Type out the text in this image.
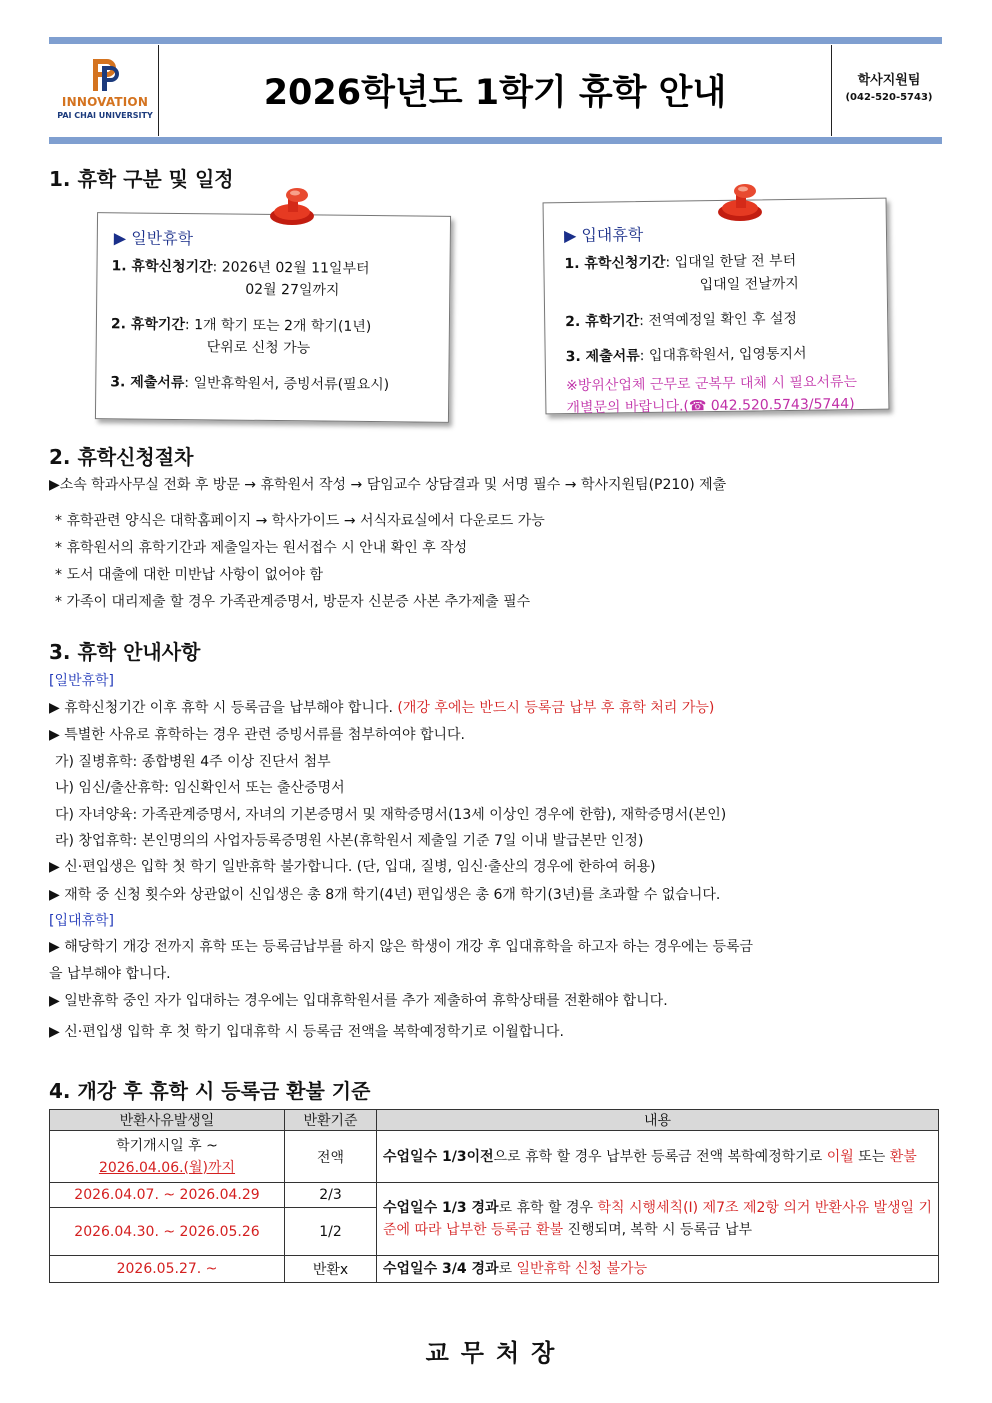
INNOVATION
PAI CHAI UNIVERSITY
2026학년도 1학기 휴학 안내	학사지원팀
(042-520-5743)
1. 휴학 구분 및 일정
▶ 일반휴학
1. 휴학신청기간: 2026년 02월 11일부터
02월 27일까지
2. 휴학기간: 1개 학기 또는 2개 학기(1년)
단위로 신청 가능
3. 제출서류: 일반휴학원서, 증빙서류(필요시)
▶ 입대휴학
1. 휴학신청기간: 입대일 한달 전 부터
입대일 전날까지
2. 휴학기간: 전역예정일 확인 후 설정
3. 제출서류: 입대휴학원서, 입영통지서
※방위산업체 근무로 군복무 대체 시 필요서류는
개별문의 바랍니다.(☎ 042.520.5743/5744)
2. 휴학신청절차
▶소속 학과사무실 전화 후 방문 → 휴학원서 작성 → 담임교수 상담결과 및 서명 필수 → 학사지원팀(P210) 제출
* 휴학관련 양식은 대학홈페이지 → 학사가이드 → 서식자료실에서 다운로드 가능
* 휴학원서의 휴학기간과 제출일자는 원서접수 시 안내 확인 후 작성
* 도서 대출에 대한 미반납 사항이 없어야 함
* 가족이 대리제출 할 경우 가족관계증명서, 방문자 신분증 사본 추가제출 필수
3. 휴학 안내사항
[일반휴학]
▶ 휴학신청기간 이후 휴학 시 등록금을 납부해야 합니다. (개강 후에는 반드시 등록금 납부 후 휴학 처리 가능)
▶ 특별한 사유로 휴학하는 경우 관련 증빙서류를 첨부하여야 합니다.
가) 질병휴학: 종합병원 4주 이상 진단서 첨부
나) 임신/출산휴학: 임신확인서 또는 출산증명서
다) 자녀양육: 가족관계증명서, 자녀의 기본증명서 및 재학증명서(13세 이상인 경우에 한함), 재학증명서(본인)
라) 창업휴학: 본인명의의 사업자등록증명원 사본(휴학원서 제출일 기준 7일 이내 발급본만 인정)
▶ 신·편입생은 입학 첫 학기 일반휴학 불가합니다. (단, 입대, 질병, 임신·출산의 경우에 한하여 허용)
▶ 재학 중 신청 횟수와 상관없이 신입생은 총 8개 학기(4년) 편입생은 총 6개 학기(3년)를 초과할 수 없습니다.
[입대휴학]
▶ 해당학기 개강 전까지 휴학 또는 등록금납부를 하지 않은 학생이 개강 후 입대휴학을 하고자 하는 경우에는 등록금
을 납부해야 합니다.
▶ 일반휴학 중인 자가 입대하는 경우에는 입대휴학원서를 추가 제출하여 휴학상태를 전환해야 합니다.
▶ 신·편입생 입학 후 첫 학기 입대휴학 시 등록금 전액을 복학예정학기로 이월합니다.
4. 개강 후 휴학 시 등록금 환불 기준
반환사유발생일	반환기준	내용
학기개시일 후 ~
2026.04.06.(월)까지	전액	수업일수 1/3이전으로 휴학 할 경우 납부한 등록금 전액 복학예정학기로 이월 또는 환불
2026.04.07. ~ 2026.04.29	2/3	수업일수 1/3 경과로 휴학 할 경우 학칙 시행세칙(I) 제7조 제2항 의거 반환사유 발생일 기준에 따라 납부한 등록금 환불 진행되며, 복학 시 등록금 납부
2026.04.30. ~ 2026.05.26	1/2	
2026.05.27. ~	반환x	수업일수 3/4 경과로 일반휴학 신청 불가능
교무처장
